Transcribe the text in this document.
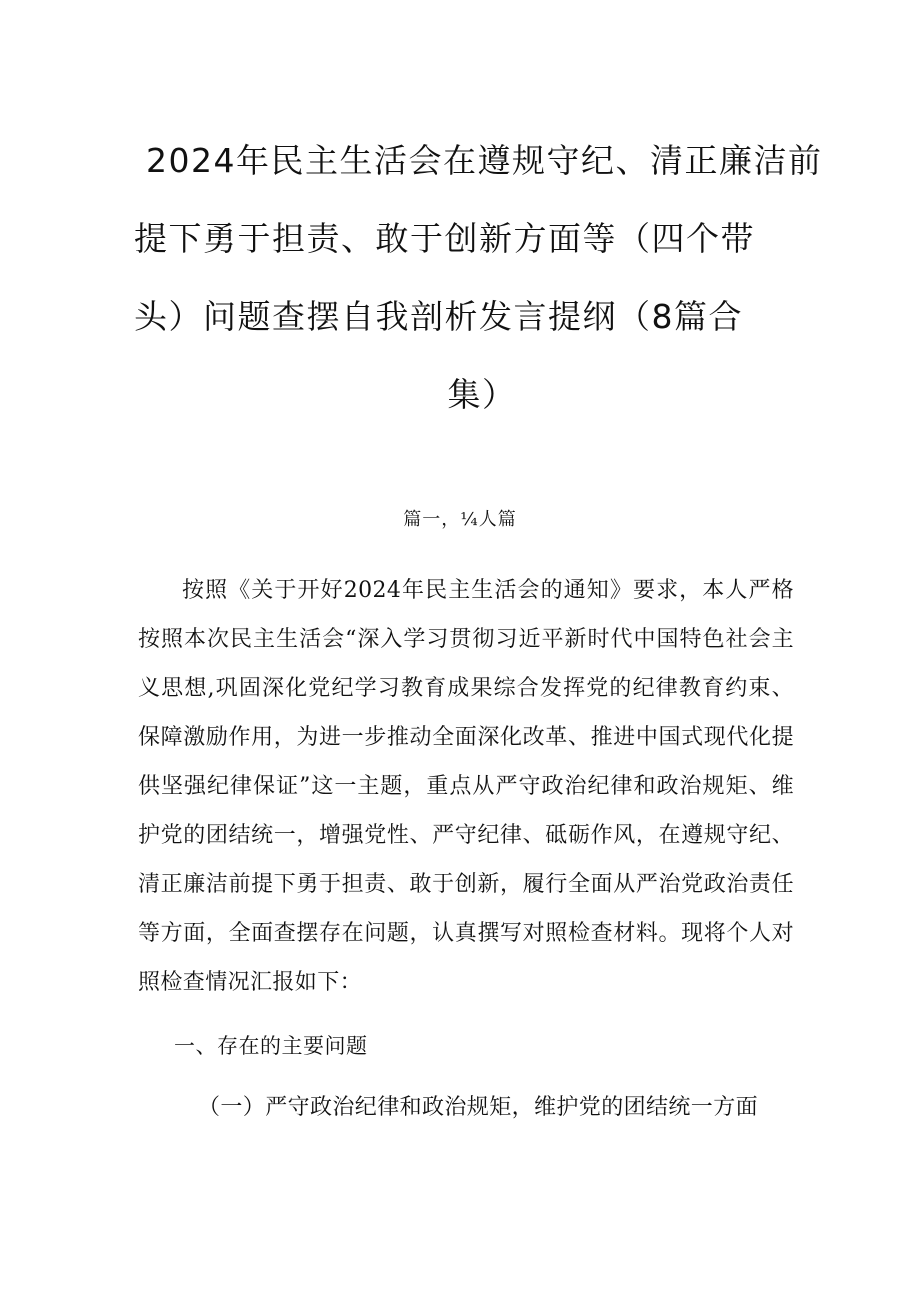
2024年民主生活会在遵规守纪、清正廉洁前
提下勇于担责、敢于创新方面等（四个带
头）问题查摆自我剖析发言提纲（8篇合
集）
篇一，¼人篇

按照《关于开好2024年民主生活会的通知》要求，本人严格按照本次民主生活会“深入学习贯彻习近平新时代中国特色社会主义思想,巩固深化党纪学习教育成果综合发挥党的纪律教育约束、保障激励作用，为进一步推动全面深化改革、推进中国式现代化提供坚强纪律保证”这一主题，重点从严守政治纪律和政治规矩、维护党的团结统一，增强党性、严守纪律、砥砺作风，在遵规守纪、清正廉洁前提下勇于担责、敢于创新，履行全面从严治党政治责任等方面，全面查摆存在问题，认真撰写对照检查材料。现将个人对照检查情况汇报如下：

一、存在的主要问题

（一）严守政治纪律和政治规矩，维护党的团结统一方面
